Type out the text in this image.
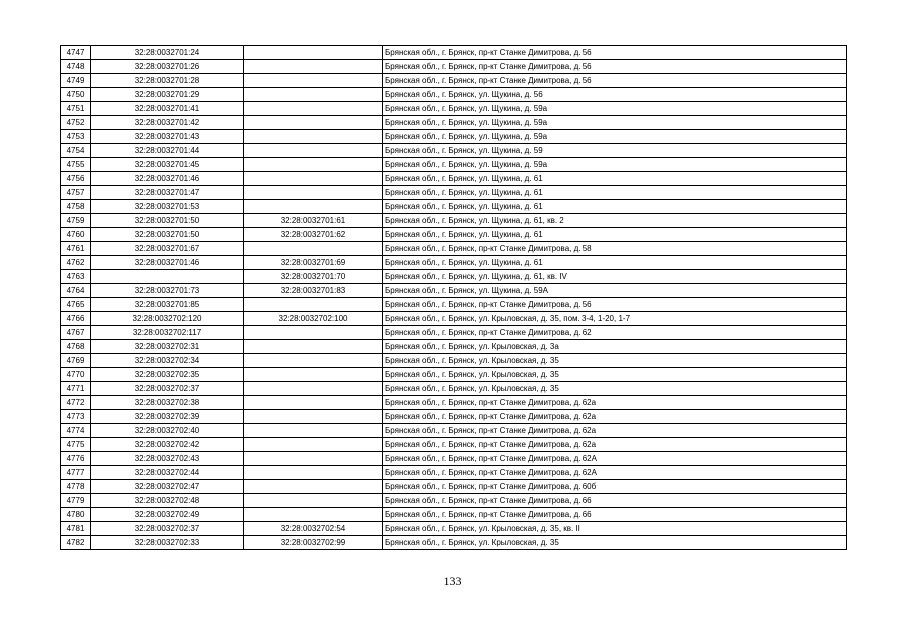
4747	32:28:0032701:24		Брянская обл., г. Брянск, пр-кт Станке Димитрова, д. 56
4748	32:28:0032701:26		Брянская обл., г. Брянск, пр-кт Станке Димитрова, д. 56
4749	32:28:0032701:28		Брянская обл., г. Брянск, пр-кт Станке Димитрова, д. 56
4750	32:28:0032701:29		Брянская обл., г. Брянск, ул. Щукина, д. 56
4751	32:28:0032701:41		Брянская обл., г. Брянск, ул. Щукина, д. 59а
4752	32:28:0032701:42		Брянская обл., г. Брянск, ул. Щукина, д. 59а
4753	32:28:0032701:43		Брянская обл., г. Брянск, ул. Щукина, д. 59а
4754	32:28:0032701:44		Брянская обл., г. Брянск, ул. Щукина, д. 59
4755	32:28:0032701:45		Брянская обл., г. Брянск, ул. Щукина, д. 59а
4756	32:28:0032701:46		Брянская обл., г. Брянск, ул. Щукина, д. 61
4757	32:28:0032701:47		Брянская обл., г. Брянск, ул. Щукина, д. 61
4758	32:28:0032701:53		Брянская обл., г. Брянск, ул. Щукина, д. 61
4759	32:28:0032701:50	32:28:0032701:61	Брянская обл., г. Брянск, ул. Щукина, д. 61, кв. 2
4760	32:28:0032701:50	32:28:0032701:62	Брянская обл., г. Брянск, ул. Щукина, д. 61
4761	32:28:0032701:67		Брянская обл., г. Брянск, пр-кт Станке Димитрова, д. 58
4762	32:28:0032701:46	32:28:0032701:69	Брянская обл., г. Брянск, ул. Щукина, д. 61
4763		32:28:0032701:70	Брянская обл., г. Брянск, ул. Щукина, д. 61, кв. IV
4764	32:28:0032701:73	32:28:0032701:83	Брянская обл., г. Брянск, ул. Щукина, д. 59А
4765	32:28:0032701:85		Брянская обл., г. Брянск, пр-кт Станке Димитрова, д. 56
4766	32:28:0032702:120	32:28:0032702:100	Брянская обл., г. Брянск, ул. Крыловская, д. 35, пом. 3-4, 1-20, 1-7
4767	32:28:0032702:117		Брянская обл., г. Брянск, пр-кт Станке Димитрова, д. 62
4768	32:28:0032702:31		Брянская обл., г. Брянск, ул. Крыловская, д. 3а
4769	32:28:0032702:34		Брянская обл., г. Брянск, ул. Крыловская, д. 35
4770	32:28:0032702:35		Брянская обл., г. Брянск, ул. Крыловская, д. 35
4771	32:28:0032702:37		Брянская обл., г. Брянск, ул. Крыловская, д. 35
4772	32:28:0032702:38		Брянская обл., г. Брянск, пр-кт Станке Димитрова, д. 62а
4773	32:28:0032702:39		Брянская обл., г. Брянск, пр-кт Станке Димитрова, д. 62а
4774	32:28:0032702:40		Брянская обл., г. Брянск, пр-кт Станке Димитрова, д. 62а
4775	32:28:0032702:42		Брянская обл., г. Брянск, пр-кт Станке Димитрова, д. 62а
4776	32:28:0032702:43		Брянская обл., г. Брянск, пр-кт Станке Димитрова, д. 62А
4777	32:28:0032702:44		Брянская обл., г. Брянск, пр-кт Станке Димитрова, д. 62А
4778	32:28:0032702:47		Брянская обл., г. Брянск, пр-кт Станке Димитрова, д. 60б
4779	32:28:0032702:48		Брянская обл., г. Брянск, пр-кт Станке Димитрова, д. 66
4780	32:28:0032702:49		Брянская обл., г. Брянск, пр-кт Станке Димитрова, д. 66
4781	32:28:0032702:37	32:28:0032702:54	Брянская обл., г. Брянск, ул. Крыловская, д. 35, кв. II
4782	32:28:0032702:33	32:28:0032702:99	Брянская обл., г. Брянск, ул. Крыловская, д. 35
133
